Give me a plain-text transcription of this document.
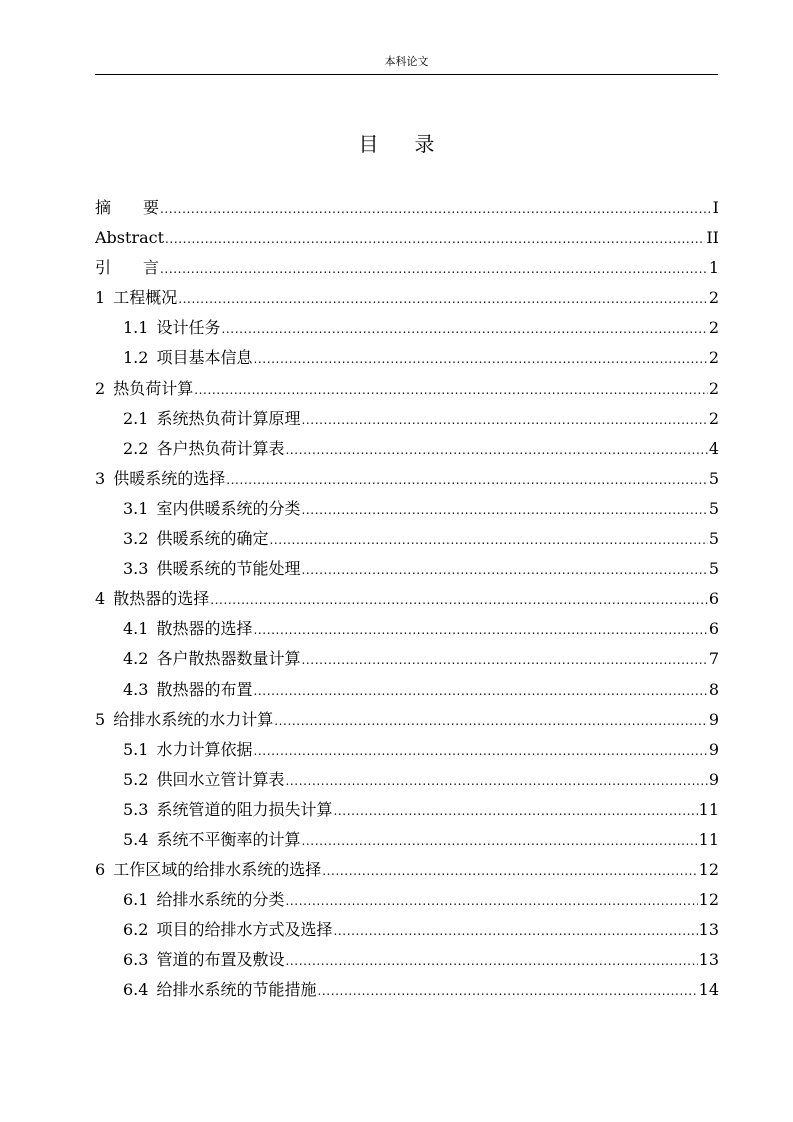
本科论文
目 录
摘　　要 .....	I
Abstract .....	II
引　　言 .....	1
1 工程概况 .....	2
1.1 设计任务 .....	2
1.2 项目基本信息 .....	2
2 热负荷计算 .....	2
2.1 系统热负荷计算原理 .....	2
2.2 各户热负荷计算表 .....	4
3 供暖系统的选择 .....	5
3.1 室内供暖系统的分类 .....	5
3.2 供暖系统的确定 .....	5
3.3 供暖系统的节能处理 .....	5
4 散热器的选择 .....	6
4.1 散热器的选择 .....	6
4.2 各户散热器数量计算 .....	7
4.3 散热器的布置 .....	8
5 给排水系统的水力计算 .....	9
5.1 水力计算依据 .....	9
5.2 供回水立管计算表 .....	9
5.3 系统管道的阻力损失计算 .....	11
5.4 系统不平衡率的计算 .....	11
6 工作区域的给排水系统的选择 .....	12
6.1 给排水系统的分类 .....	12
6.2 项目的给排水方式及选择 .....	13
6.3 管道的布置及敷设 .....	13
6.4 给排水系统的节能措施 .....	14
